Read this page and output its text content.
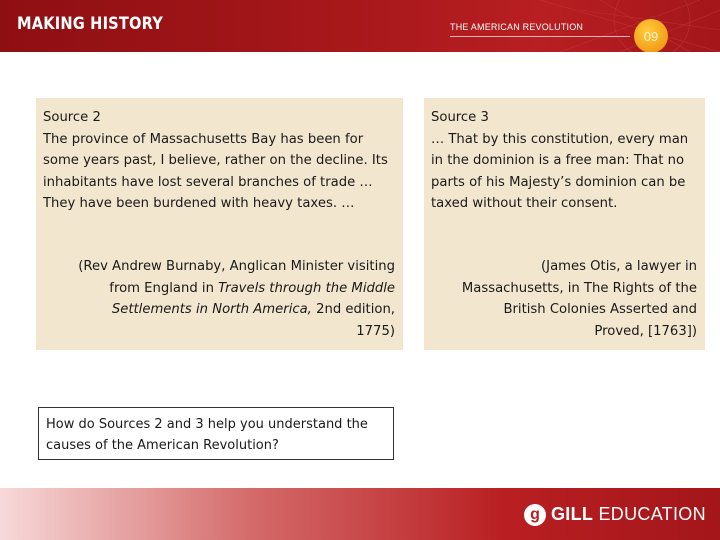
MAKING HISTORY	THE AMERICAN REVOLUTION
09
Source 2
The province of Massachusetts Bay has been for some years past, I believe, rather on the decline. Its inhabitants have lost several branches of trade … They have been burdened with heavy taxes. …
(Rev Andrew Burnaby, Anglican Minister visiting from England in Travels through the Middle Settlements in North America, 2nd edition, 1775)
Source 3
… That by this constitution, every man in the dominion is a free man: That no parts of his Majesty’s dominion can be taxed without their consent.
(James Otis, a lawyer in Massachusetts, in The Rights of the British Colonies Asserted and Proved, [1763])
How do Sources 2 and 3 help you understand the causes of the American Revolution?
g GILL EDUCATION
